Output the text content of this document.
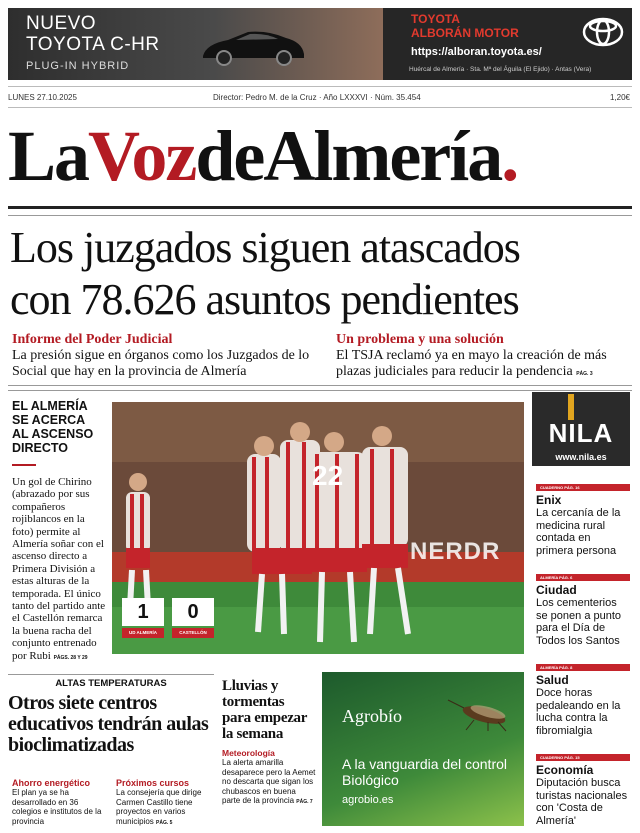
NUEVO
TOYOTA C-HR
PLUG-IN HYBRID
TOYOTA
ALBORÁN MOTOR
https://alboran.toyota.es/
Huércal de Almería · Sta. Mª del Águila (El Ejido) · Antas (Vera)
LUNES 27.10.2025	Director: Pedro M. de la Cruz · Año LXXXVI · Núm. 35.454	1,20€
LaVozdeAlmería.
Los juzgados siguen atascados
con 78.626 asuntos pendientes
Informe del Poder Judicial
La presión sigue en órganos como los Juzgados de lo Social que hay en la provincia de Almería
Un problema y una solución
El TSJA reclamó ya en mayo la creación de más plazas judiciales para reducir la pendencia PÁG. 3
EL ALMERÍA SE ACERCA AL ASCENSO DIRECTO
Un gol de Chirino (abrazado por sus compañeros rojiblancos en la foto) permite al Almería soñar con el ascenso directo a Primera División a estas alturas de la temporada. El único tanto del partido ante el Castellón remarca la buena racha del conjunto entrenado por Rubi PÁGS. 28 Y 29
22
NERDR
1	0
UD ALMERÍA	CASTELLÓN
NILA
www.nila.es
CUADERNO PÁG. 16
Enix
La cercanía de la medicina rural contada en primera persona
ALMERÍA PÁG. 6
Ciudad
Los cementerios se ponen a punto para el Día de Todos los Santos
ALMERÍA PÁG. 8
Salud
Doce horas pedaleando en la lucha contra la fibromialgia
CUADERNO PÁG. 15
Economía
Diputación busca turistas nacionales con 'Costa de Almería'
ALTAS TEMPERATURAS
Otros siete centros educativos tendrán aulas bioclimatizadas
Ahorro energético
El plan ya se ha desarrollado en 36 colegios e institutos de la provincia
Próximos cursos
La consejería que dirige Carmen Castillo tiene proyectos en varios municipios PÁG. 5
Lluvias y tormentas para empezar la semana
Meteorología
La alerta amarilla desaparece pero la Aemet no descarta que sigan los chubascos en buena parte de la provincia PÁG. 7
Agrobío
A la vanguardia del control Biológico
agrobio.es
